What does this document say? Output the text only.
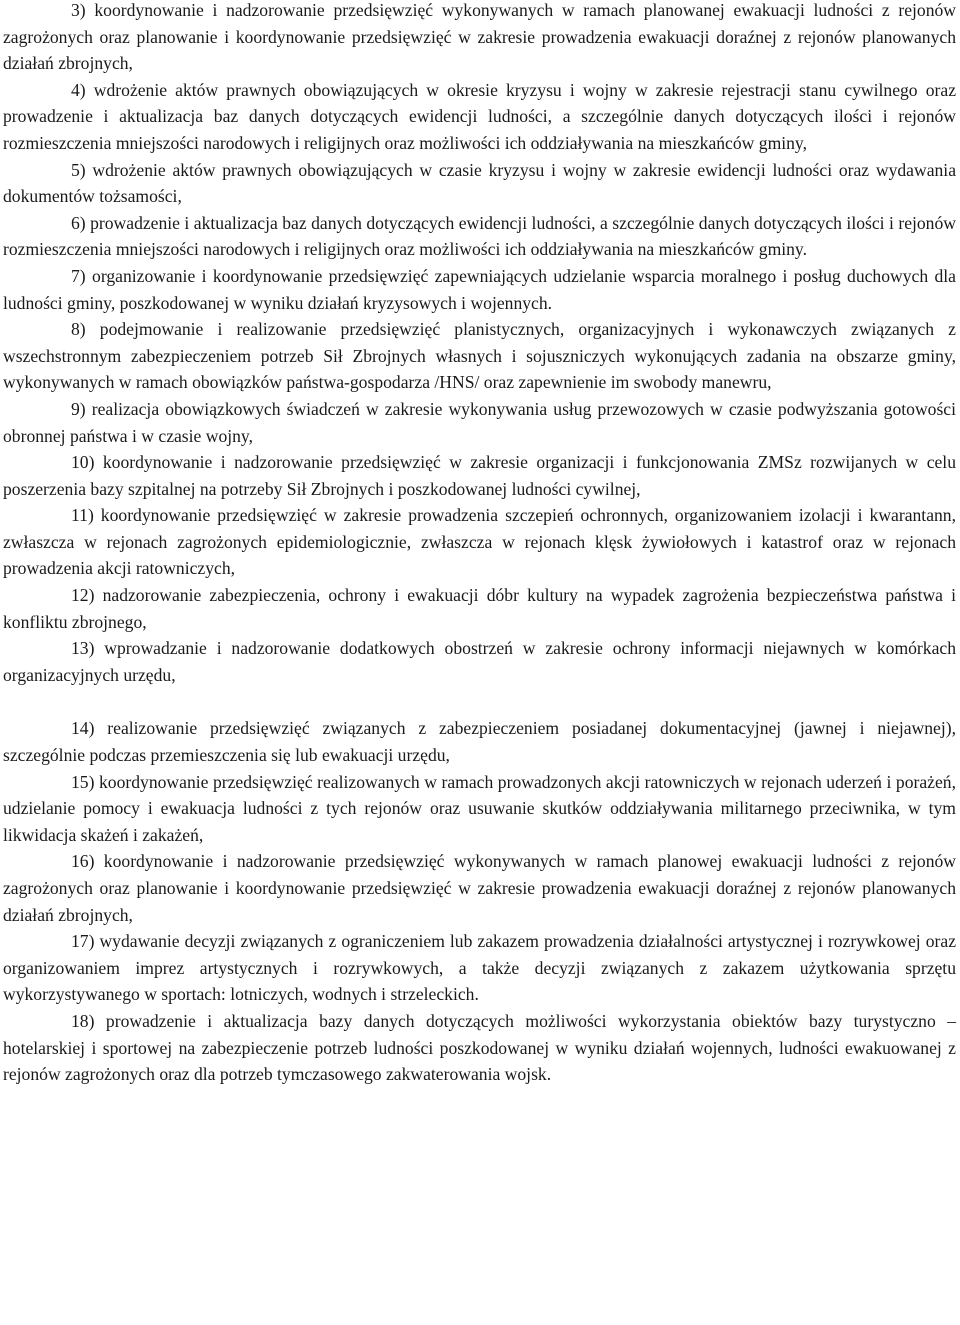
3) koordynowanie i nadzorowanie przedsięwzięć wykonywanych w ramach planowanej ewakuacji ludności z rejonów zagrożonych oraz planowanie i koordynowanie przedsięwzięć w zakresie prowadzenia ewakuacji doraźnej z rejonów planowanych działań zbrojnych,

4) wdrożenie aktów prawnych obowiązujących w okresie kryzysu i wojny w zakresie rejestracji stanu cywilnego oraz prowadzenie i aktualizacja baz danych dotyczących ewidencji ludności, a szczególnie danych dotyczących ilości i rejonów rozmieszczenia mniejszości narodowych i religijnych oraz możliwości ich oddziaływania na mieszkańców gminy,

5) wdrożenie aktów prawnych obowiązujących w czasie kryzysu i wojny w zakresie ewidencji ludności oraz wydawania dokumentów tożsamości,

6) prowadzenie i aktualizacja baz danych dotyczących ewidencji ludności, a szczególnie danych dotyczących ilości i rejonów rozmieszczenia mniejszości narodowych i religijnych oraz możliwości ich oddziaływania na mieszkańców gminy.

7) organizowanie i koordynowanie przedsięwzięć zapewniających udzielanie wsparcia moralnego i posług duchowych dla ludności gminy, poszkodowanej w wyniku działań kryzysowych i wojennych.

8) podejmowanie i realizowanie przedsięwzięć planistycznych, organizacyjnych i wykonawczych związanych z wszechstronnym zabezpieczeniem potrzeb Sił Zbrojnych własnych i sojuszniczych wykonujących zadania na obszarze gminy, wykonywanych w ramach obowiązków państwa-gospodarza /HNS/ oraz zapewnienie im swobody manewru,

9) realizacja obowiązkowych świadczeń w zakresie wykonywania usług przewozowych w czasie podwyższania gotowości obronnej państwa i w czasie wojny,

10) koordynowanie i nadzorowanie przedsięwzięć w zakresie organizacji i funkcjonowania ZMSz rozwijanych w celu poszerzenia bazy szpitalnej na potrzeby Sił Zbrojnych i poszkodowanej ludności cywilnej,

11) koordynowanie przedsięwzięć w zakresie prowadzenia szczepień ochronnych, organizowaniem izolacji i kwarantann, zwłaszcza w rejonach zagrożonych epidemiologicznie, zwłaszcza w rejonach klęsk żywiołowych i katastrof oraz w rejonach prowadzenia akcji ratowniczych,

12) nadzorowanie zabezpieczenia, ochrony i ewakuacji dóbr kultury na wypadek zagrożenia bezpieczeństwa państwa i konfliktu zbrojnego,

13) wprowadzanie i nadzorowanie dodatkowych obostrzeń w zakresie ochrony informacji niejawnych w komórkach organizacyjnych urzędu,

14) realizowanie przedsięwzięć związanych z zabezpieczeniem posiadanej dokumentacyjnej (jawnej i niejawnej), szczególnie podczas przemieszczenia się lub ewakuacji urzędu,

15) koordynowanie przedsięwzięć realizowanych w ramach prowadzonych akcji ratowniczych w rejonach uderzeń i porażeń, udzielanie pomocy i ewakuacja ludności z tych rejonów oraz usuwanie skutków oddziaływania militarnego przeciwnika, w tym likwidacja skażeń i zakażeń,

16) koordynowanie i nadzorowanie przedsięwzięć wykonywanych w ramach planowej ewakuacji ludności z rejonów zagrożonych oraz planowanie i koordynowanie przedsięwzięć w zakresie prowadzenia ewakuacji doraźnej z rejonów planowanych działań zbrojnych,

17) wydawanie decyzji związanych z ograniczeniem lub zakazem prowadzenia działalności artystycznej i rozrywkowej oraz organizowaniem imprez artystycznych i rozrywkowych, a także decyzji związanych z zakazem użytkowania sprzętu wykorzystywanego w sportach: lotniczych, wodnych i strzeleckich.

18) prowadzenie i aktualizacja bazy danych dotyczących możliwości wykorzystania obiektów bazy turystyczno – hotelarskiej i sportowej na zabezpieczenie potrzeb ludności poszkodowanej w wyniku działań wojennych, ludności ewakuowanej z rejonów zagrożonych oraz dla potrzeb tymczasowego zakwaterowania wojsk.
